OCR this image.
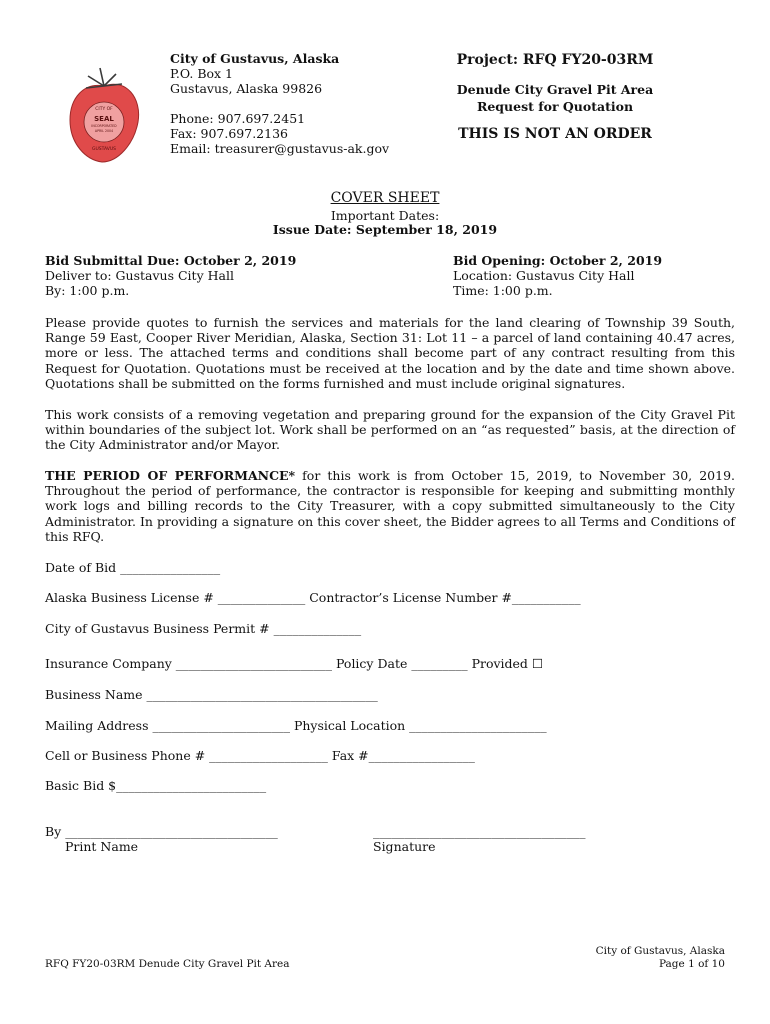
CITY OF
SEAL
INCORPORATED
APRIL 2004
GUSTAVUS
City of Gustavus, Alaska
P.O. Box 1
Gustavus, Alaska 99826
Phone: 907.697.2451
Fax: 907.697.2136
Email: treasurer@gustavus-ak.gov
Project: RFQ FY20-03RM
Denude City Gravel Pit Area
Request for Quotation
THIS IS NOT AN ORDER
COVER SHEET
Important Dates:
Issue Date: September 18, 2019
Bid Submittal Due: October 2, 2019
Deliver to: Gustavus City Hall
By: 1:00 p.m.
Bid Opening: October 2, 2019
Location: Gustavus City Hall
Time: 1:00 p.m.
Please provide quotes to furnish the services and materials for the land clearing of Township 39 South, Range 59 East, Cooper River Meridian, Alaska, Section 31: Lot 11 – a parcel of land containing 40.47 acres, more or less. The attached terms and conditions shall become part of any contract resulting from this Request for Quotation. Quotations must be received at the location and by the date and time shown above. Quotations shall be submitted on the forms furnished and must include original signatures.
This work consists of a removing vegetation and preparing ground for the expansion of the City Gravel Pit within boundaries of the subject lot. Work shall be performed on an “as requested” basis, at the direction of the City Administrator and/or Mayor.
THE PERIOD OF PERFORMANCE* for this work is from October 15, 2019, to November 30, 2019. Throughout the period of performance, the contractor is responsible for keeping and submitting monthly work logs and billing records to the City Treasurer, with a copy submitted simultaneously to the City Administrator. In providing a signature on this cover sheet, the Bidder agrees to all Terms and Conditions of this RFQ.
Date of Bid ________________
Alaska Business License # ______________ Contractor’s License Number #___________
City of Gustavus Business Permit # ______________
Insurance Company _________________________ Policy Date _________ Provided ☐
Business Name _____________________________________
Mailing Address ______________________ Physical Location ______________________
Cell or Business Phone # ___________________ Fax #_________________
Basic Bid $________________________
By __________________________________	__________________________________
Print Name	Signature
RFQ FY20-03RM Denude City Gravel Pit Area
City of Gustavus, Alaska
Page 1 of 10
